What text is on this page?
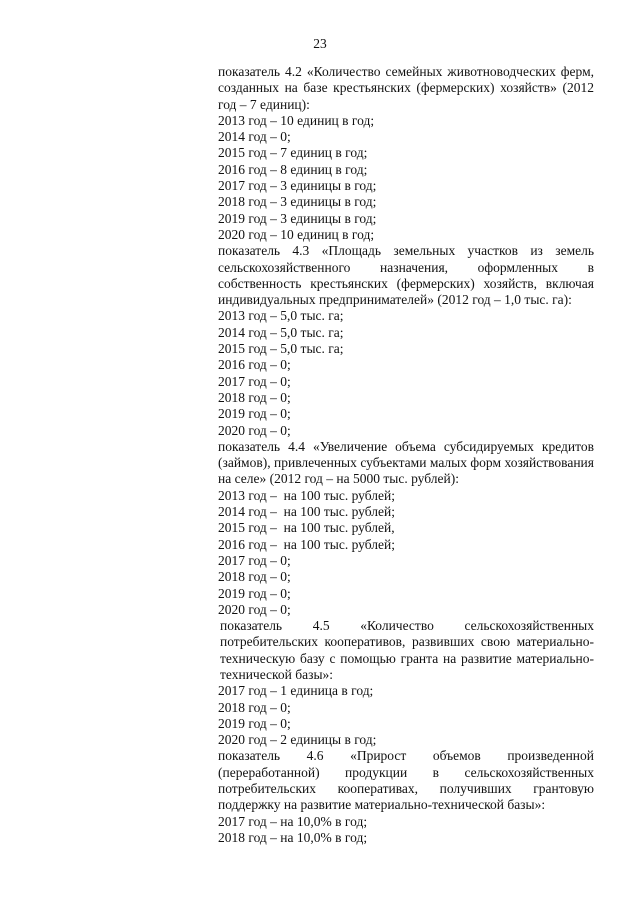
23

показатель 4.2 «Количество семейных животноводческих ферм, созданных на базе крестьянских (фермерских) хозяйств» (2012 год – 7 единиц):

2013 год – 10 единиц в год;

2014 год – 0;

2015 год – 7 единиц в год;

2016 год – 8 единиц в год;

2017 год – 3 единицы в год;

2018 год – 3 единицы в год;

2019 год – 3 единицы в год;

2020 год – 10 единиц в год;

показатель 4.3 «Площадь земельных участков из земель сельскохозяйственного назначения, оформленных в собственность крестьянских (фермерских) хозяйств, включая индивидуальных предпринимателей» (2012 год – 1,0 тыс. га):

2013 год – 5,0 тыс. га;

2014 год – 5,0 тыс. га;

2015 год – 5,0 тыс. га;

2016 год – 0;

2017 год – 0;

2018 год – 0;

2019 год – 0;

2020 год – 0;

показатель 4.4 «Увеличение объема субсидируемых кредитов (займов), привлеченных субъектами малых форм хозяйствования на селе» (2012 год – на 5000 тыс. рублей):

2013 год –  на 100 тыс. рублей;

2014 год –  на 100 тыс. рублей;

2015 год –  на 100 тыс. рублей,

2016 год –  на 100 тыс. рублей;

2017 год – 0;

2018 год – 0;

2019 год – 0;

2020 год – 0;

показатель 4.5 «Количество сельскохозяйственных потребительских кооперативов, развивших свою материально-техническую базу с помощью гранта на развитие материально-технической базы»:

2017 год – 1 единица в год;

2018 год – 0;

2019 год – 0;

2020 год – 2 единицы в год;

показатель 4.6 «Прирост объемов произведенной (переработанной) продукции в сельскохозяйственных потребительских кооперативах, получивших грантовую поддержку на развитие материально-технической базы»:

2017 год – на 10,0% в год;

2018 год – на 10,0% в год;
